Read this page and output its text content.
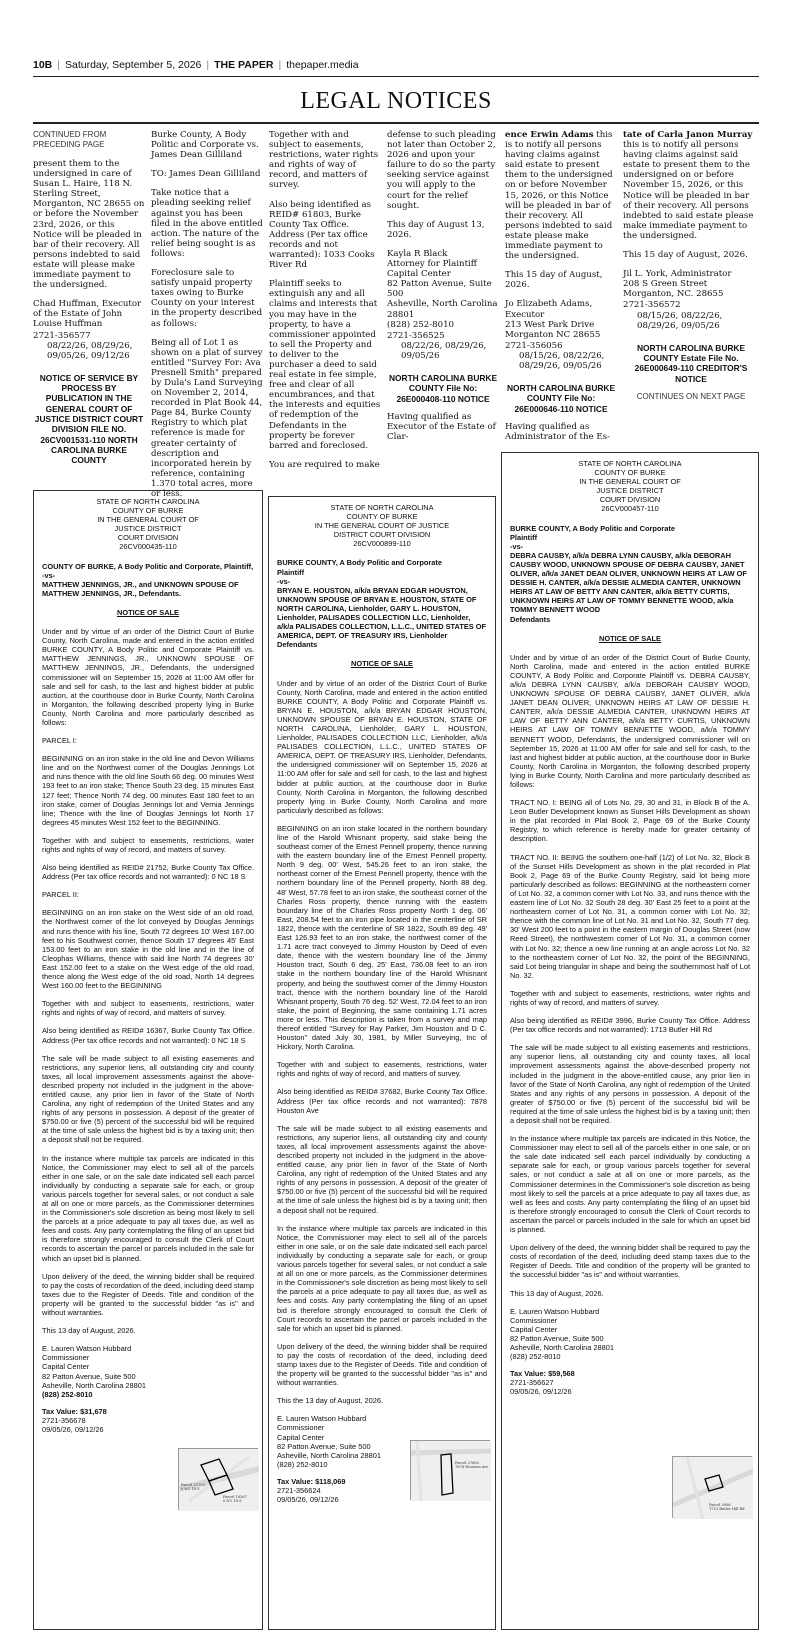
10B | Saturday, September 5, 2026 | THE PAPER | thepaper.media
LEGAL NOTICES

CONTINUED FROM PRECEDING PAGE

present them to the undersigned in care of Susan L. Haire, 118 N. Sterling Street, Morganton, NC 28655 on or before the November 23rd, 2026, or this Notice will be pleaded in bar of their recovery. All persons indebted to said estate will please make immediate payment to the undersigned.

Chad Huffman, Executor of the Estate of John Louise Huffman

2721-356577
08/22/26, 08/29/26, 09/05/26, 09/12/26
NOTICE OF SERVICE BY PROCESS BY PUBLICATION IN THE GENERAL COURT OF JUSTICE DISTRICT COURT DIVISION FILE NO. 26CV001531-110 NORTH CAROLINA BURKE COUNTY

Burke County, A Body Politic and Corporate vs. James Dean Gilliland

TO: James Dean Gilliland

Take notice that a pleading seeking relief against you has been filed in the above entitled action. The nature of the relief being sought is as follows:

Foreclosure sale to satisfy unpaid property taxes owing to Burke County on your interest in the property described as follows:

Being all of Lot 1 as shown on a plat of survey entitled "Survey For: Ava Presnell Smith" prepared by Dula's Land Surveying on November 2, 2014, recorded in Plat Book 44, Page 84, Burke County Registry to which plat reference is made for greater certainty of description and incorporated herein by reference, containing 1.370 total acres, more or less.

Together with and subject to easements, restrictions, water rights and rights of way of record, and matters of survey.

Also being identified as REID# 61803, Burke County Tax Office. Address (Per tax office records and not warranted): 1033 Cooks River Rd

Plaintiff seeks to extinguish any and all claims and interests that you may have in the property, to have a commissioner appointed to sell the Property and to deliver to the purchaser a deed to said real estate in fee simple, free and clear of all encumbrances, and that the interests and equities of redemption of the Defendants in the property be forever barred and foreclosed.

You are required to make

defense to such pleading not later than October 2, 2026 and upon your failure to do so the party seeking service against you will apply to the court for the relief sought.

This day of August 13, 2026.

Kayla R Black
Attorney for Plaintiff
Capital Center
82 Patton Avenue, Suite 500
Asheville, North Carolina 28801
(828) 252-8010

2721-356525
08/22/26, 08/29/26, 09/05/26
NORTH CAROLINA BURKE COUNTY File No: 26E000408-110 NOTICE

Having qualified as Executor of the Estate of Clar-

ence Erwin Adams this is to notify all persons having claims against said estate to present them to the undersigned on or before November 15, 2026, or this Notice will be pleaded in bar of their recovery. All persons indebted to said estate please make immediate payment to the undersigned.

This 15 day of August, 2026.

Jo Elizabeth Adams, Executor
213 West Park Drive
Morganton NC 28655

2721-356056
08/15/26, 08/22/26, 08/29/26, 09/05/26
NORTH CAROLINA BURKE COUNTY File No: 26E000646-110 NOTICE

Having qualified as Administrator of the Es-

tate of Carla Janon Murray this is to notify all persons having claims against said estate to present them to the undersigned on or before November 15, 2026, or this Notice will be pleaded in bar of their recovery. All persons indebted to said estate please make immediate payment to the undersigned.

This 15 day of August, 2026.

Jil L. York, Administrator
208 S Green Street
Morganton, NC. 28655

2721-356572
08/15/26, 08/22/26, 08/29/26, 09/05/26
NORTH CAROLINA BURKE COUNTY Estate File No. 26E000649-110 CREDITOR'S NOTICE
CONTINUES ON NEXT PAGE
STATE OF NORTH CAROLINA
COUNTY OF BURKE
IN THE GENERAL COURT OF
JUSTICE DISTRICT
COURT DIVISION
26CV000435-110
COUNTY OF BURKE, A Body Politic and Corporate, Plaintiff,
-vs-
MATTHEW JENNINGS, JR., and UNKNOWN SPOUSE OF MATTHEW JENNINGS, JR., Defendants.
NOTICE OF SALE

Under and by virtue of an order of the District Court of Burke County, North Carolina, made and entered in the action entitled BURKE COUNTY, A Body Politic and Corporate Plaintiff vs. MATTHEW JENNINGS, JR., UNKNOWN SPOUSE OF MATTHEW JENNINGS, JR., Defendants, the undersigned commissioner will on September 15, 2026 at 11:00 AM offer for sale and sell for cash, to the last and highest bidder at public auction, at the courthouse door in Burke County, North Carolina in Morganton, the following described property lying in Burke County, North Carolina and more particularly described as follows:

PARCEL I:

BEGINNING on an iron stake in the old line and Devon Williams line and on the Northwest corner of the Douglas Jennings Lot and runs thence with the old line South 66 deg. 00 minutes West 193 feet to an iron stake; Thence South 23 deg. 15 minutes East 127 feet; Thence North 74 deg. 00 minutes East 180 feet to an iron stake, corner of Douglas Jennings lot and Vernia Jennings line; Thence with the line of Douglas Jennings lot North 17 degrees 45 minutes West 152 feet to the BEGINNING.

Together with and subject to easements, restrictions, water rights and rights of way of record, and matters of survey.

Also being identified as REID# 21752, Burke County Tax Office. Address (Per tax office records and not warranted): 0 NC 18 S

PARCEL II:

BEGINNING on an iron stake on the West side of an old road, the Northwest corner of the lot conveyed by Douglas Jennings and runs thence with his line, South 72 degrees 10' West 167.00 feet to his Southwest corner, thence South 17 degrees 45' East 153.00 feet to an iron stake in the old line and in the line of Cleophas Williams, thence with said line North 74 degrees 30' East 152.00 feet to a stake on the West edge of the old road, thence along the West edge of the old road, North 14 degrees West 160.00 feet to the BEGINNING

Together with and subject to easements, restrictions, water rights and rights of way of record, and matters of survey.

Also being identified as REID# 16367, Burke County Tax Office. Address (Per tax office records and not warranted): 0 NC 18 S

The sale will be made subject to all existing easements and restrictions, any superior liens, all outstanding city and county taxes, all local improvement assessments against the above-described property not included in the judgment in the above-entitled cause, any prior lien in favor of the State of North Carolina, any right of redemption of the United States and any rights of any persons in possession. A deposit of the greater of $750.00 or five (5) percent of the successful bid will be required at the time of sale unless the highest bid is by a taxing unit; then a deposit shall not be required.

In the instance where multiple tax parcels are indicated in this Notice, the Commissioner may elect to sell all of the parcels either in one sale, or on the sale date indicated sell each parcel individually by conducting a separate sale for each, or group various parcels together for several sales, or not conduct a sale at all on one or more parcels, as the Commissioner determines in the Commissioner's sole discretion as being most likely to sell the parcels at a price adequate to pay all taxes due, as well as fees and costs. Any party contemplating the filing of an upset bid is therefore strongly encouraged to consult the Clerk of Court records to ascertain the parcel or parcels included in the sale for which an upset bid is planned.

Upon delivery of the deed, the winning bidder shall be required to pay the costs of recordation of the deed, including deed stamp taxes due to the Register of Deeds. Title and condition of the property will be granted to the successful bidder "as is" and without warranties.

This 13 day of August, 2026.

E. Lauren Watson Hubbard
Commissioner
Capital Center
82 Patton Avenue, Suite 500
Asheville, North Carolina 28801
(828) 252-8010
Tax Value: $31,678
2721-356678
09/05/26, 09/12/26
Parcel 21752
0 NC 18 S
Parcel 16367
0 NC 18 S
STATE OF NORTH CAROLINA
COUNTY OF BURKE
IN THE GENERAL COURT OF JUSTICE
DISTRICT COURT DIVISION
26CV000899-110
BURKE COUNTY, A Body Politic and Corporate
Plaintiff
-vs-
BRYAN E. HOUSTON, a/k/a BRYAN EDGAR HOUSTON, UNKNOWN SPOUSE OF BRYAN E. HOUSTON, STATE OF NORTH CAROLINA, Lienholder, GARY L. HOUSTON, Lienholder, PALISADES COLLECTION LLC, Lienholder, a/k/a PALISADES COLLECTION, L.L.C., UNITED STATES OF AMERICA, DEPT. OF TREASURY IRS, Lienholder
Defendants
NOTICE OF SALE

Under and by virtue of an order of the District Court of Burke County, North Carolina, made and entered in the action entitled BURKE COUNTY, A Body Politic and Corporate Plaintiff vs. BRYAN E. HOUSTON, a/k/a BRYAN EDGAR HOUSTON, UNKNOWN SPOUSE OF BRYAN E. HOUSTON, STATE OF NORTH CAROLINA, Lienholder, GARY L. HOUSTON, Lienholder, PALISADES COLLECTION LLC, Lienholder, a/k/a PALISADES COLLECTION, L.L.C., UNITED STATES OF AMERICA, DEPT. OF TREASURY IRS, Lienholder, Defendants, the undersigned commissioner will on September 15, 2026 at 11:00 AM offer for sale and sell for cash, to the last and highest bidder at public auction, at the courthouse door in Burke County, North Carolina in Morganton, the following described property lying in Burke County, North Carolina and more particularly described as follows:

BEGINNING on an iron stake located in the northern boundary line of the Harold Whisnant property, said stake being the southeast corner of the Ernest Pennell property, thence running with the eastern boundary line of the Ernest Pennell property, North 9 deg. 00' West, 545.26 feet to an iron stake, the northeast corner of the Ernest Pennell property, thence with the northern boundary line of the Pennell property, North 88 deg. 48' West, 57.78 feet to an iron stake, the southeast corner of the Charles Ross property, thence running with the eastern boundary line of the Charles Ross property North 1 deg. 06' East, 208.54 feet to an iron pipe located in the centerline of SR 1822, thence with the centerline of SR 1822, South 89 deg. 49' East 126.93 feet to an iron stake, the northwest corner of the 1.71 acre tract conveyed to Jimmy Houston by Deed of even date, thence with the western boundary line of the Jimmy Houston tract, South 6 deg. 25' East, 736.08 feet to an iron stake in the northern boundary line of the Harold Whisnant property, and being the southwest corner of the Jimmy Houston tract, thence with the northern boundary line of the Harold Whisnant property, South 76 deg. 52' West, 72.04 feet to an iron stake, the point of Beginning, the same containing 1.71 acres more or less. This description is taken from a survey and map thereof entitled "Survey for Ray Parker, Jim Houston and D C. Houston" dated July 30, 1981, by Miller Surveying, Inc of Hickory, North Carolina.

Together with and subject to easements, restrictions, water rights and rights of way of record, and matters of survey.

Also being identified as REID# 37682, Burke County Tax Office. Address (Per tax office records and not warranted): 7878 Houston Ave

The sale will be made subject to all existing easements and restrictions, any superior liens, all outstanding city and county taxes, all local improvement assessments against the above-described property not included in the judgment in the above-entitled cause, any prior lien in favor of the State of North Carolina, any right of redemption of the United States and any rights of any persons in possession. A deposit of the greater of $750.00 or five (5) percent of the successful bid will be required at the time of sale unless the highest bid is by a taxing unit; then a deposit shall not be required.

In the instance where multiple tax parcels are indicated in this Notice, the Commissioner may elect to sell all of the parcels either in one sale, or on the sale date indicated sell each parcel individually by conducting a separate sale for each, or group various parcels together for several sales, or not conduct a sale at all on one or more parcels, as the Commissioner determines in the Commissioner's sole discretion as being most likely to sell the parcels at a price adequate to pay all taxes due, as well as fees and costs. Any party contemplating the filing of an upset bid is therefore strongly encouraged to consult the Clerk of Court records to ascertain the parcel or parcels included in the sale for which an upset bid is planned.

Upon delivery of the deed, the winning bidder shall be required to pay the costs of recordation of the deed, including deed stamp taxes due to the Register of Deeds. Title and condition of the property will be granted to the successful bidder "as is" and without warranties.

This the 13 day of August, 2026.

E. Lauren Watson Hubbard
Commissioner
Capital Center
82 Patton Avenue, Suite 500
Asheville, North Carolina 28801
(828) 252-8010
Tax Value: $118,069
2721-356624
09/05/26, 09/12/26
Parcel 37682
7878 Houston Ave
STATE OF NORTH CAROLINA
COUNTY OF BURKE
IN THE GENERAL COURT OF
JUSTICE DISTRICT
COURT DIVISION
26CV000457-110
BURKE COUNTY, A Body Politic and Corporate
Plaintiff
-vs-
DEBRA CAUSBY, a/k/a DEBRA LYNN CAUSBY, a/k/a DEBORAH CAUSBY WOOD, UNKNOWN SPOUSE OF DEBRA CAUSBY, JANET OLIVER, a/k/a JANET DEAN OLIVER, UNKNOWN HEIRS AT LAW OF DESSIE H. CANTER, a/k/a DESSIE ALMEDIA CANTER, UNKNOWN HEIRS AT LAW OF BETTY ANN CANTER, a/k/a BETTY CURTIS, UNKNOWN HEIRS AT LAW OF TOMMY BENNETTE WOOD, a/k/a TOMMY BENNETT WOOD
Defendants
NOTICE OF SALE

Under and by virtue of an order of the District Court of Burke County, North Carolina, made and entered in the action entitled BURKE COUNTY, A Body Politic and Corporate Plaintiff vs. DEBRA CAUSBY, a/k/a DEBRA LYNN CAUSBY, a/k/a DEBORAH CAUSBY WOOD, UNKNOWN SPOUSE OF DEBRA CAUSBY, JANET OLIVER, a/k/a JANET DEAN OLIVER, UNKNOWN HEIRS AT LAW OF DESSIE H. CANTER, a/k/a DESSIE ALMEDIA CANTER, UNKNOWN HEIRS AT LAW OF BETTY ANN CANTER, a/k/a BETTY CURTIS, UNKNOWN HEIRS AT LAW OF TOMMY BENNETTE WOOD, a/k/a TOMMY BENNETT WOOD, Defendants, the undersigned commissioner will on September 15, 2026 at 11:00 AM offer for sale and sell for cash, to the last and highest bidder at public auction, at the courthouse door in Burke County, North Carolina in Morganton, the following described property lying in Burke County, North Carolina and more particularly described as follows:

TRACT NO. I: BEING all of Lots No. 29, 30 and 31, in Block B of the A. Leon Butler Development known as Sunset Hills Development as shown in the plat recorded in Plat Book 2, Page 69 of the Burke County Registry, to which reference is hereby made for greater certainty of description.

TRACT NO. II: BEING the southern one-half (1/2) of Lot No. 32, Block B of the Sunset Hills Development as shown in the plat recorded in Plat Book 2, Page 69 of the Burke County Registry, said lot being more particularly described as follows: BEGINNING at the northeastern corner of Lot No. 32, a common corner with Lot No. 33, and runs thence with the eastern line of Lot No. 32 South 28 deg. 30' East 25 feet to a point at the northeastern corner of Lot No. 31, a common corner with Lot No. 32; thence with the common line of Lot No. 31 and Lot No. 32, South 77 deg. 30' West 200 feet to a point in the eastern margin of Douglas Street (now Reed Street), the northwestern corner of Lot No. 31, a common corner with Lot No. 32; thence a new line running at an angle across Lot No. 32 to the northeastern corner of Lot No. 32, the point of the BEGINNING, said Lot being triangular in shape and being the southernmost half of Lot No. 32.

Together with and subject to easements, restrictions, water rights and rights of way of record, and matters of survey.

Also being identified as REID# 3996, Burke County Tax Office. Address (Per tax office records and not warranted): 1713 Butler Hill Rd

The sale will be made subject to all existing easements and restrictions, any superior liens, all outstanding city and county taxes, all local improvement assessments against the above-described property not included in the judgment in the above-entitled cause, any prior lien in favor of the State of North Carolina, any right of redemption of the United States and any rights of any persons in possession. A deposit of the greater of $750.00 or five (5) percent of the successful bid will be required at the time of sale unless the highest bid is by a taxing unit; then a deposit shall not be required.

In the instance where multiple tax parcels are indicated in this Notice, the Commissioner may elect to sell all of the parcels either in one sale, or on the sale date indicated sell each parcel individually by conducting a separate sale for each, or group various parcels together for several sales, or not conduct a sale at all on one or more parcels, as the Commissioner determines in the Commissioner's sole discretion as being most likely to sell the parcels at a price adequate to pay all taxes due, as well as fees and costs. Any party contemplating the filing of an upset bid is therefore strongly encouraged to consult the Clerk of Court records to ascertain the parcel or parcels included in the sale for which an upset bid is planned.

Upon delivery of the deed, the winning bidder shall be required to pay the costs of recordation of the deed, including deed stamp taxes due to the Register of Deeds. Title and condition of the property will be granted to the successful bidder "as is" and without warranties.

This 13 day of August, 2026.

E. Lauren Watson Hubbard
Commissioner
Capital Center
82 Patton Avenue, Suite 500
Asheville, North Carolina 28801
(828) 252-8010
Tax Value: $59,568
2721-356627
09/05/26, 09/12/26
Parcel 3996
1713 Butler Hill Rd
